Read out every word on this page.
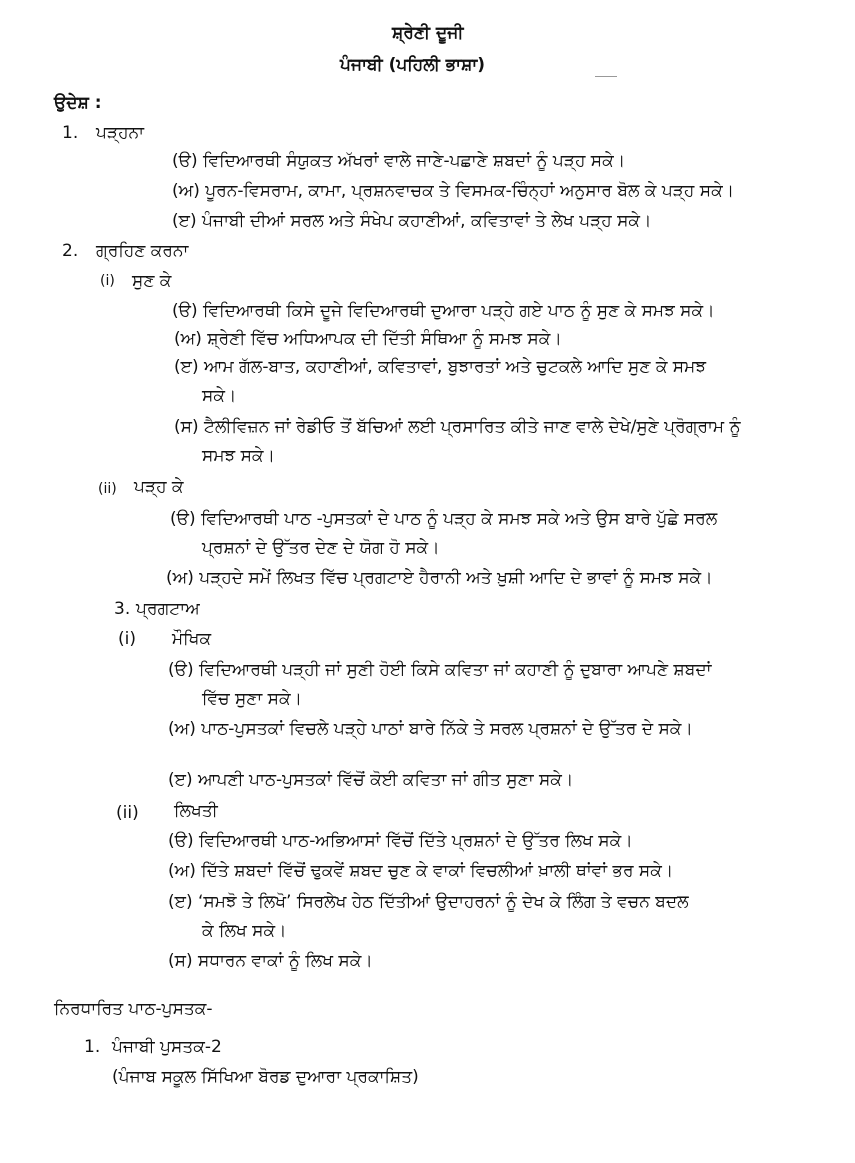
ਸ਼੍ਰੇਣੀ ਦੂਜੀ
ਪੰਜਾਬੀ (ਪਹਿਲੀ ਭਾਸ਼ਾ)
ਉਦੇਸ਼ :
1. ਪੜ੍ਹਨਾ
(ੳ) ਵਿਦਿਆਰਥੀ ਸੰਯੁਕਤ ਅੱਖਰਾਂ ਵਾਲੇ ਜਾਣੇ-ਪਛਾਣੇ ਸ਼ਬਦਾਂ ਨੂੰ ਪੜ੍ਹ ਸਕੇ।
(ਅ) ਪੂਰਨ-ਵਿਸਰਾਮ, ਕਾਮਾ, ਪ੍ਰਸ਼ਨਵਾਚਕ ਤੇ ਵਿਸਮਕ-ਚਿੰਨ੍ਹਾਂ ਅਨੁਸਾਰ ਬੋਲ ਕੇ ਪੜ੍ਹ ਸਕੇ।
(ੲ) ਪੰਜਾਬੀ ਦੀਆਂ ਸਰਲ ਅਤੇ ਸੰਖੇਪ ਕਹਾਣੀਆਂ, ਕਵਿਤਾਵਾਂ ਤੇ ਲੇਖ ਪੜ੍ਹ ਸਕੇ।
2. ਗ੍ਰਹਿਣ ਕਰਨਾ
(i) ਸੁਣ ਕੇ
(ੳ) ਵਿਦਿਆਰਥੀ ਕਿਸੇ ਦੂਜੇ ਵਿਦਿਆਰਥੀ ਦੁਆਰਾ ਪੜ੍ਹੇ ਗਏ ਪਾਠ ਨੂੰ ਸੁਣ ਕੇ ਸਮਝ ਸਕੇ।
(ਅ) ਸ਼੍ਰੇਣੀ ਵਿੱਚ ਅਧਿਆਪਕ ਦੀ ਦਿੱਤੀ ਸੰਥਿਆ ਨੂੰ ਸਮਝ ਸਕੇ।
(ੲ) ਆਮ ਗੱਲ-ਬਾਤ, ਕਹਾਣੀਆਂ, ਕਵਿਤਾਵਾਂ, ਬੁਝਾਰਤਾਂ ਅਤੇ ਚੁਟਕਲੇ ਆਦਿ ਸੁਣ ਕੇ ਸਮਝ
ਸਕੇ।
(ਸ) ਟੈਲੀਵਿਜ਼ਨ ਜਾਂ ਰੇਡੀਓ ਤੋਂ ਬੱਚਿਆਂ ਲਈ ਪ੍ਰਸਾਰਿਤ ਕੀਤੇ ਜਾਣ ਵਾਲੇ ਦੇਖੇ/ਸੁਣੇ ਪ੍ਰੋਗ੍ਰਾਮ ਨੂੰ
ਸਮਝ ਸਕੇ।
(ii) ਪੜ੍ਹ ਕੇ
(ੳ) ਵਿਦਿਆਰਥੀ ਪਾਠ -ਪੁਸਤਕਾਂ ਦੇ ਪਾਠ ਨੂੰ ਪੜ੍ਹ ਕੇ ਸਮਝ ਸਕੇ ਅਤੇ ਉਸ ਬਾਰੇ ਪੁੱਛੇ ਸਰਲ
ਪ੍ਰਸ਼ਨਾਂ ਦੇ ਉੱਤਰ ਦੇਣ ਦੇ ਯੋਗ ਹੋ ਸਕੇ।
(ਅ) ਪੜ੍ਹਦੇ ਸਮੇਂ ਲਿਖਤ ਵਿੱਚ ਪ੍ਰਗਟਾਏ ਹੈਰਾਨੀ ਅਤੇ ਖ਼ੁਸ਼ੀ ਆਦਿ ਦੇ ਭਾਵਾਂ ਨੂੰ ਸਮਝ ਸਕੇ।
3. ਪ੍ਰਗਟਾਅ
(i) ਮੌਖਿਕ
(ੳ) ਵਿਦਿਆਰਥੀ ਪੜ੍ਹੀ ਜਾਂ ਸੁਣੀ ਹੋਈ ਕਿਸੇ ਕਵਿਤਾ ਜਾਂ ਕਹਾਣੀ ਨੂੰ ਦੁਬਾਰਾ ਆਪਣੇ ਸ਼ਬਦਾਂ
ਵਿੱਚ ਸੁਣਾ ਸਕੇ।
(ਅ) ਪਾਠ-ਪੁਸਤਕਾਂ ਵਿਚਲੇ ਪੜ੍ਹੇ ਪਾਠਾਂ ਬਾਰੇ ਨਿੱਕੇ ਤੇ ਸਰਲ ਪ੍ਰਸ਼ਨਾਂ ਦੇ ਉੱਤਰ ਦੇ ਸਕੇ।
(ੲ) ਆਪਣੀ ਪਾਠ-ਪੁਸਤਕਾਂ ਵਿੱਚੋਂ ਕੋਈ ਕਵਿਤਾ ਜਾਂ ਗੀਤ ਸੁਣਾ ਸਕੇ।
(ii) ਲਿਖਤੀ
(ੳ) ਵਿਦਿਆਰਥੀ ਪਾਠ-ਅਭਿਆਸਾਂ ਵਿੱਚੋਂ ਦਿੱਤੇ ਪ੍ਰਸ਼ਨਾਂ ਦੇ ਉੱਤਰ ਲਿਖ ਸਕੇ।
(ਅ) ਦਿੱਤੇ ਸ਼ਬਦਾਂ ਵਿੱਚੋਂ ਢੁਕਵੇਂ ਸ਼ਬਦ ਚੁਣ ਕੇ ਵਾਕਾਂ ਵਿਚਲੀਆਂ ਖ਼ਾਲੀ ਥਾਂਵਾਂ ਭਰ ਸਕੇ।
(ੲ) ‘ਸਮਝੋ ਤੇ ਲਿਖੋ’ ਸਿਰਲੇਖ ਹੇਠ ਦਿੱਤੀਆਂ ਉਦਾਹਰਨਾਂ ਨੂੰ ਦੇਖ ਕੇ ਲਿੰਗ ਤੇ ਵਚਨ ਬਦਲ
ਕੇ ਲਿਖ ਸਕੇ।
(ਸ) ਸਧਾਰਨ ਵਾਕਾਂ ਨੂੰ ਲਿਖ ਸਕੇ।
ਨਿਰਧਾਰਿਤ ਪਾਠ-ਪੁਸਤਕ-
1. ਪੰਜਾਬੀ ਪੁਸਤਕ-2
(ਪੰਜਾਬ ਸਕੂਲ ਸਿੱਖਿਆ ਬੋਰਡ ਦੁਆਰਾ ਪ੍ਰਕਾਸ਼ਿਤ)
